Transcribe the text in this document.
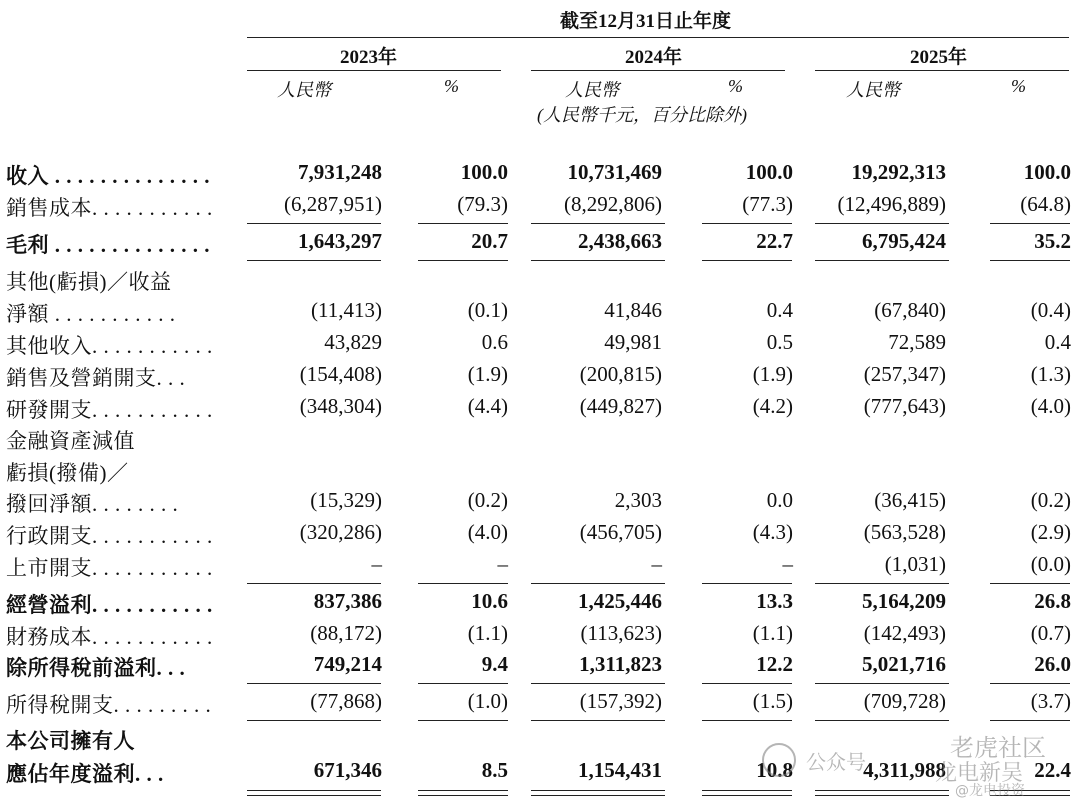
截至12月31日止年度
2023年	2024年	2025年
人民幣	%	人民幣	%	人民幣	%
(人民幣千元，百分比除外)
收入 . . . . . . . . . . . . . .	7,931,248	100.0	10,731,469	100.0	19,292,313	100.0
銷售成本. . . . . . . . . . .	(6,287,951)	(79.3)	(8,292,806)	(77.3) (12,496,889)	(64.8)
毛利 . . . . . . . . . . . . . .	1,643,297	20.7	2,438,663	22.7	6,795,424	35.2
其他(虧損)／收益
淨額 . . . . . . . . . . .	(11,413)	(0.1)	41,846	0.4	(67,840)	(0.4)
其他收入. . . . . . . . . . .	43,829	0.6	49,981	0.5	72,589	0.4
銷售及營銷開支. . .	(154,408)	(1.9)	(200,815)	(1.9)	(257,347)	(1.3)
研發開支. . . . . . . . . . .	(348,304)	(4.4)	(449,827)	(4.2)	(777,643)	(4.0)
金融資產減值
虧損(撥備)／
撥回淨額. . . . . . . .	(15,329)	(0.2)	2,303	0.0	(36,415)	(0.2)
行政開支. . . . . . . . . . .	(320,286)	(4.0)	(456,705)	(4.3)	(563,528)	(2.9)
上市開支. . . . . . . . . . .	–	–	–	–	(1,031)	(0.0)
經營溢利. . . . . . . . . . .	837,386	10.6	1,425,446	13.3	5,164,209	26.8
財務成本. . . . . . . . . . .	(88,172)	(1.1)	(113,623)	(1.1)	(142,493)	(0.7)
除所得稅前溢利. . .	749,214	9.4	1,311,823	12.2	5,021,716	26.0
所得稅開支. . . . . . . . .	(77,868)	(1.0)	(157,392)	(1.5)	(709,728)	(3.7)
本公司擁有人
應佔年度溢利. . .	671,346	8.5	1,154,431	10.8	4,311,988	22.4
公众号	老虎社区
龙电新吴
@龙电投资
